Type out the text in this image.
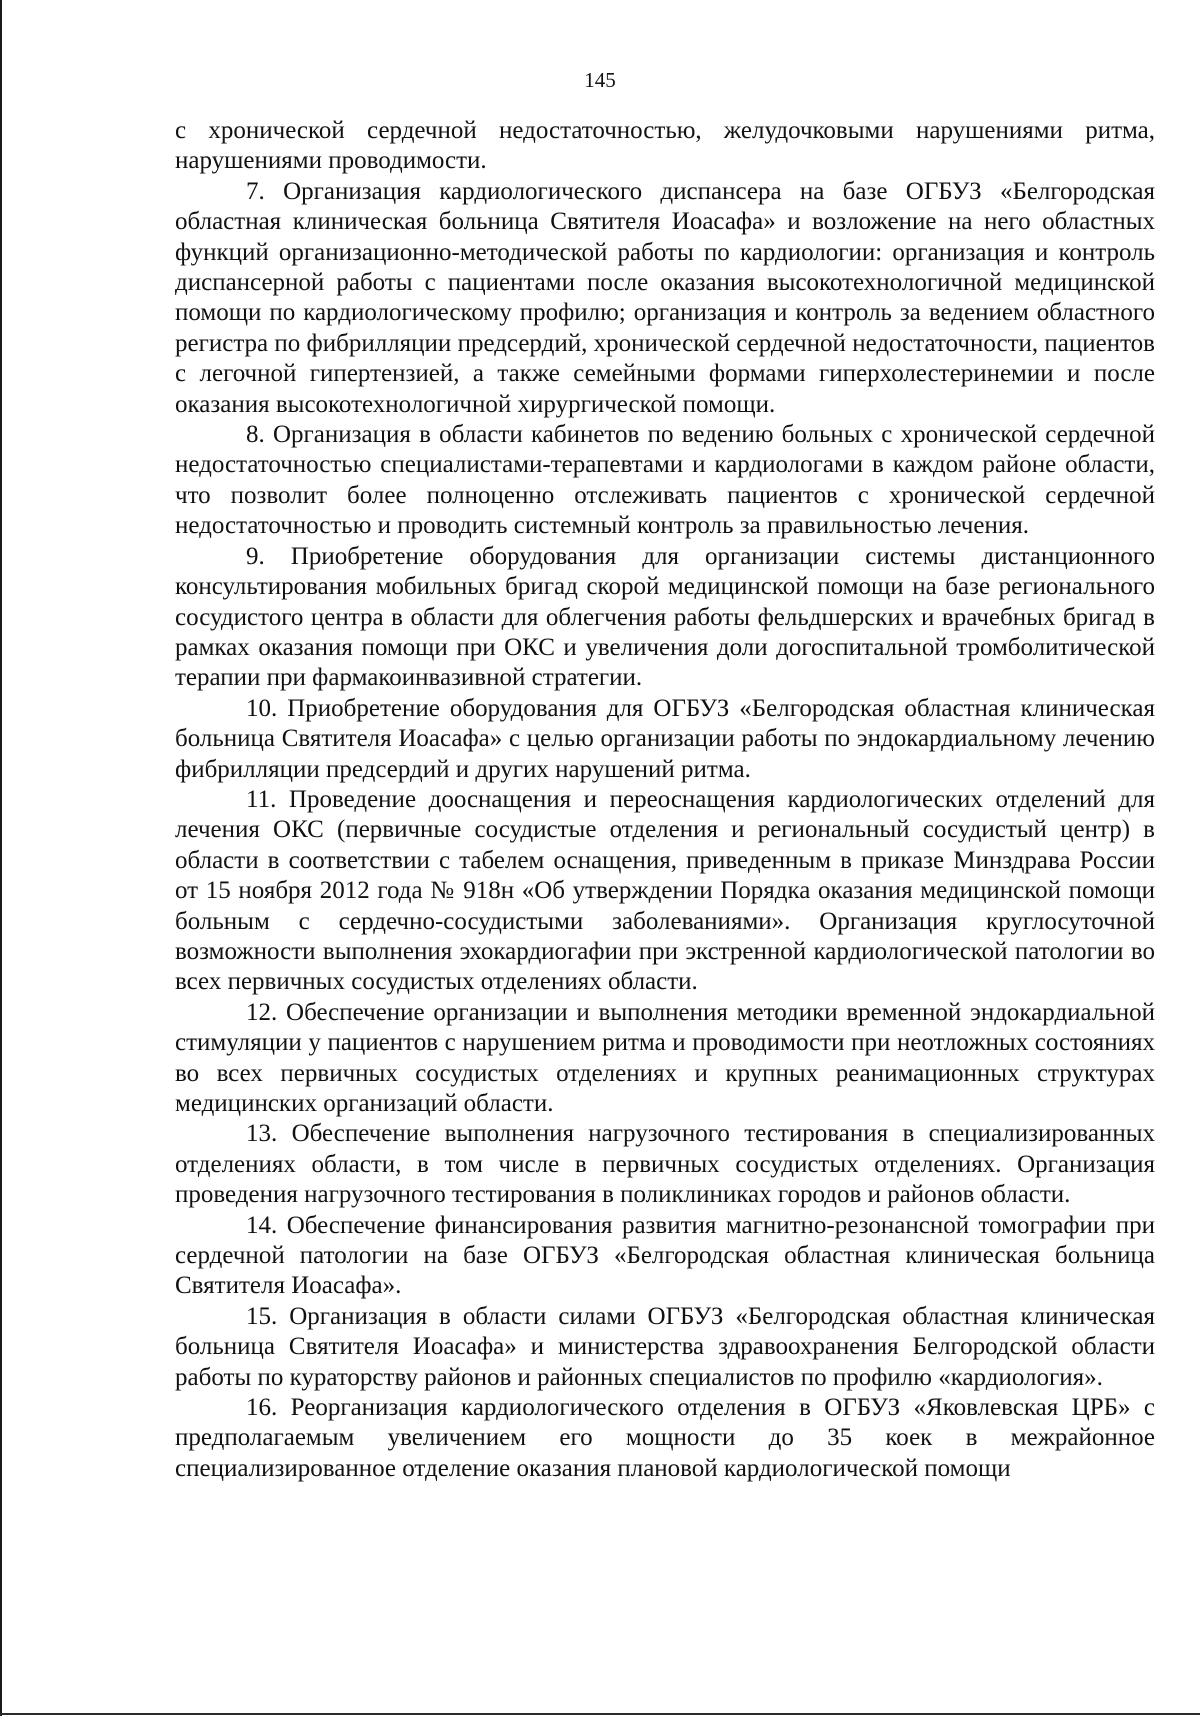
145

с хронической сердечной недостаточностью, желудочковыми нарушениями ритма, нарушениями проводимости.

7. Организация кардиологического диспансера на базе ОГБУЗ «Белгородская областная клиническая больница Святителя Иоасафа» и возложение на него областных функций организационно-методической работы по кардиологии: организация и контроль диспансерной работы с пациентами после оказания высокотехнологичной медицинской помощи по кардиологическому профилю; организация и контроль за ведением областного регистра по фибрилляции предсердий, хронической сердечной недостаточности, пациентов с легочной гипертензией, а также семейными формами гиперхолестеринемии и после оказания высокотехнологичной хирургической помощи.

8. Организация в области кабинетов по ведению больных с хронической сердечной недостаточностью специалистами-терапевтами и кардиологами в каждом районе области, что позволит более полноценно отслеживать пациентов с хронической сердечной недостаточностью и проводить системный контроль за правильностью лечения.

9. Приобретение оборудования для организации системы дистанционного консультирования мобильных бригад скорой медицинской помощи на базе регионального сосудистого центра в области для облегчения работы фельдшерских и врачебных бригад в рамках оказания помощи при ОКС и увеличения доли догоспитальной тромболитической терапии при фармакоинвазивной стратегии.

10. Приобретение оборудования для ОГБУЗ «Белгородская областная клиническая больница Святителя Иоасафа» с целью организации работы по эндокардиальному лечению фибрилляции предсердий и других нарушений ритма.

11. Проведение дооснащения и переоснащения кардиологических отделений для лечения ОКС (первичные сосудистые отделения и региональный сосудистый центр) в области в соответствии с табелем оснащения, приведенным в приказе Минздрава России от 15 ноября 2012 года № 918н «Об утверждении Порядка оказания медицинской помощи больным с сердечно-сосудистыми заболеваниями». Организация круглосуточной возможности выполнения эхокардиогафии при экстренной кардиологической патологии во всех первичных сосудистых отделениях области.

12. Обеспечение организации и выполнения методики временной эндокардиальной стимуляции у пациентов с нарушением ритма и проводимости при неотложных состояниях во всех первичных сосудистых отделениях и крупных реанимационных структурах медицинских организаций области.

13. Обеспечение выполнения нагрузочного тестирования в специализированных отделениях области, в том числе в первичных сосудистых отделениях. Организация проведения нагрузочного тестирования в поликлиниках городов и районов области.

14. Обеспечение финансирования развития магнитно-резонансной томографии при сердечной патологии на базе ОГБУЗ «Белгородская областная клиническая больница Святителя Иоасафа».

15. Организация в области силами ОГБУЗ «Белгородская областная клиническая больница Святителя Иоасафа» и министерства здравоохранения Белгородской области работы по кураторству районов и районных специалистов по профилю «кардиология».

16. Реорганизация кардиологического отделения в ОГБУЗ «Яковлевская ЦРБ» с предполагаемым увеличением его мощности до 35 коек в межрайонное специализированное отделение оказания плановой кардиологической помощи
